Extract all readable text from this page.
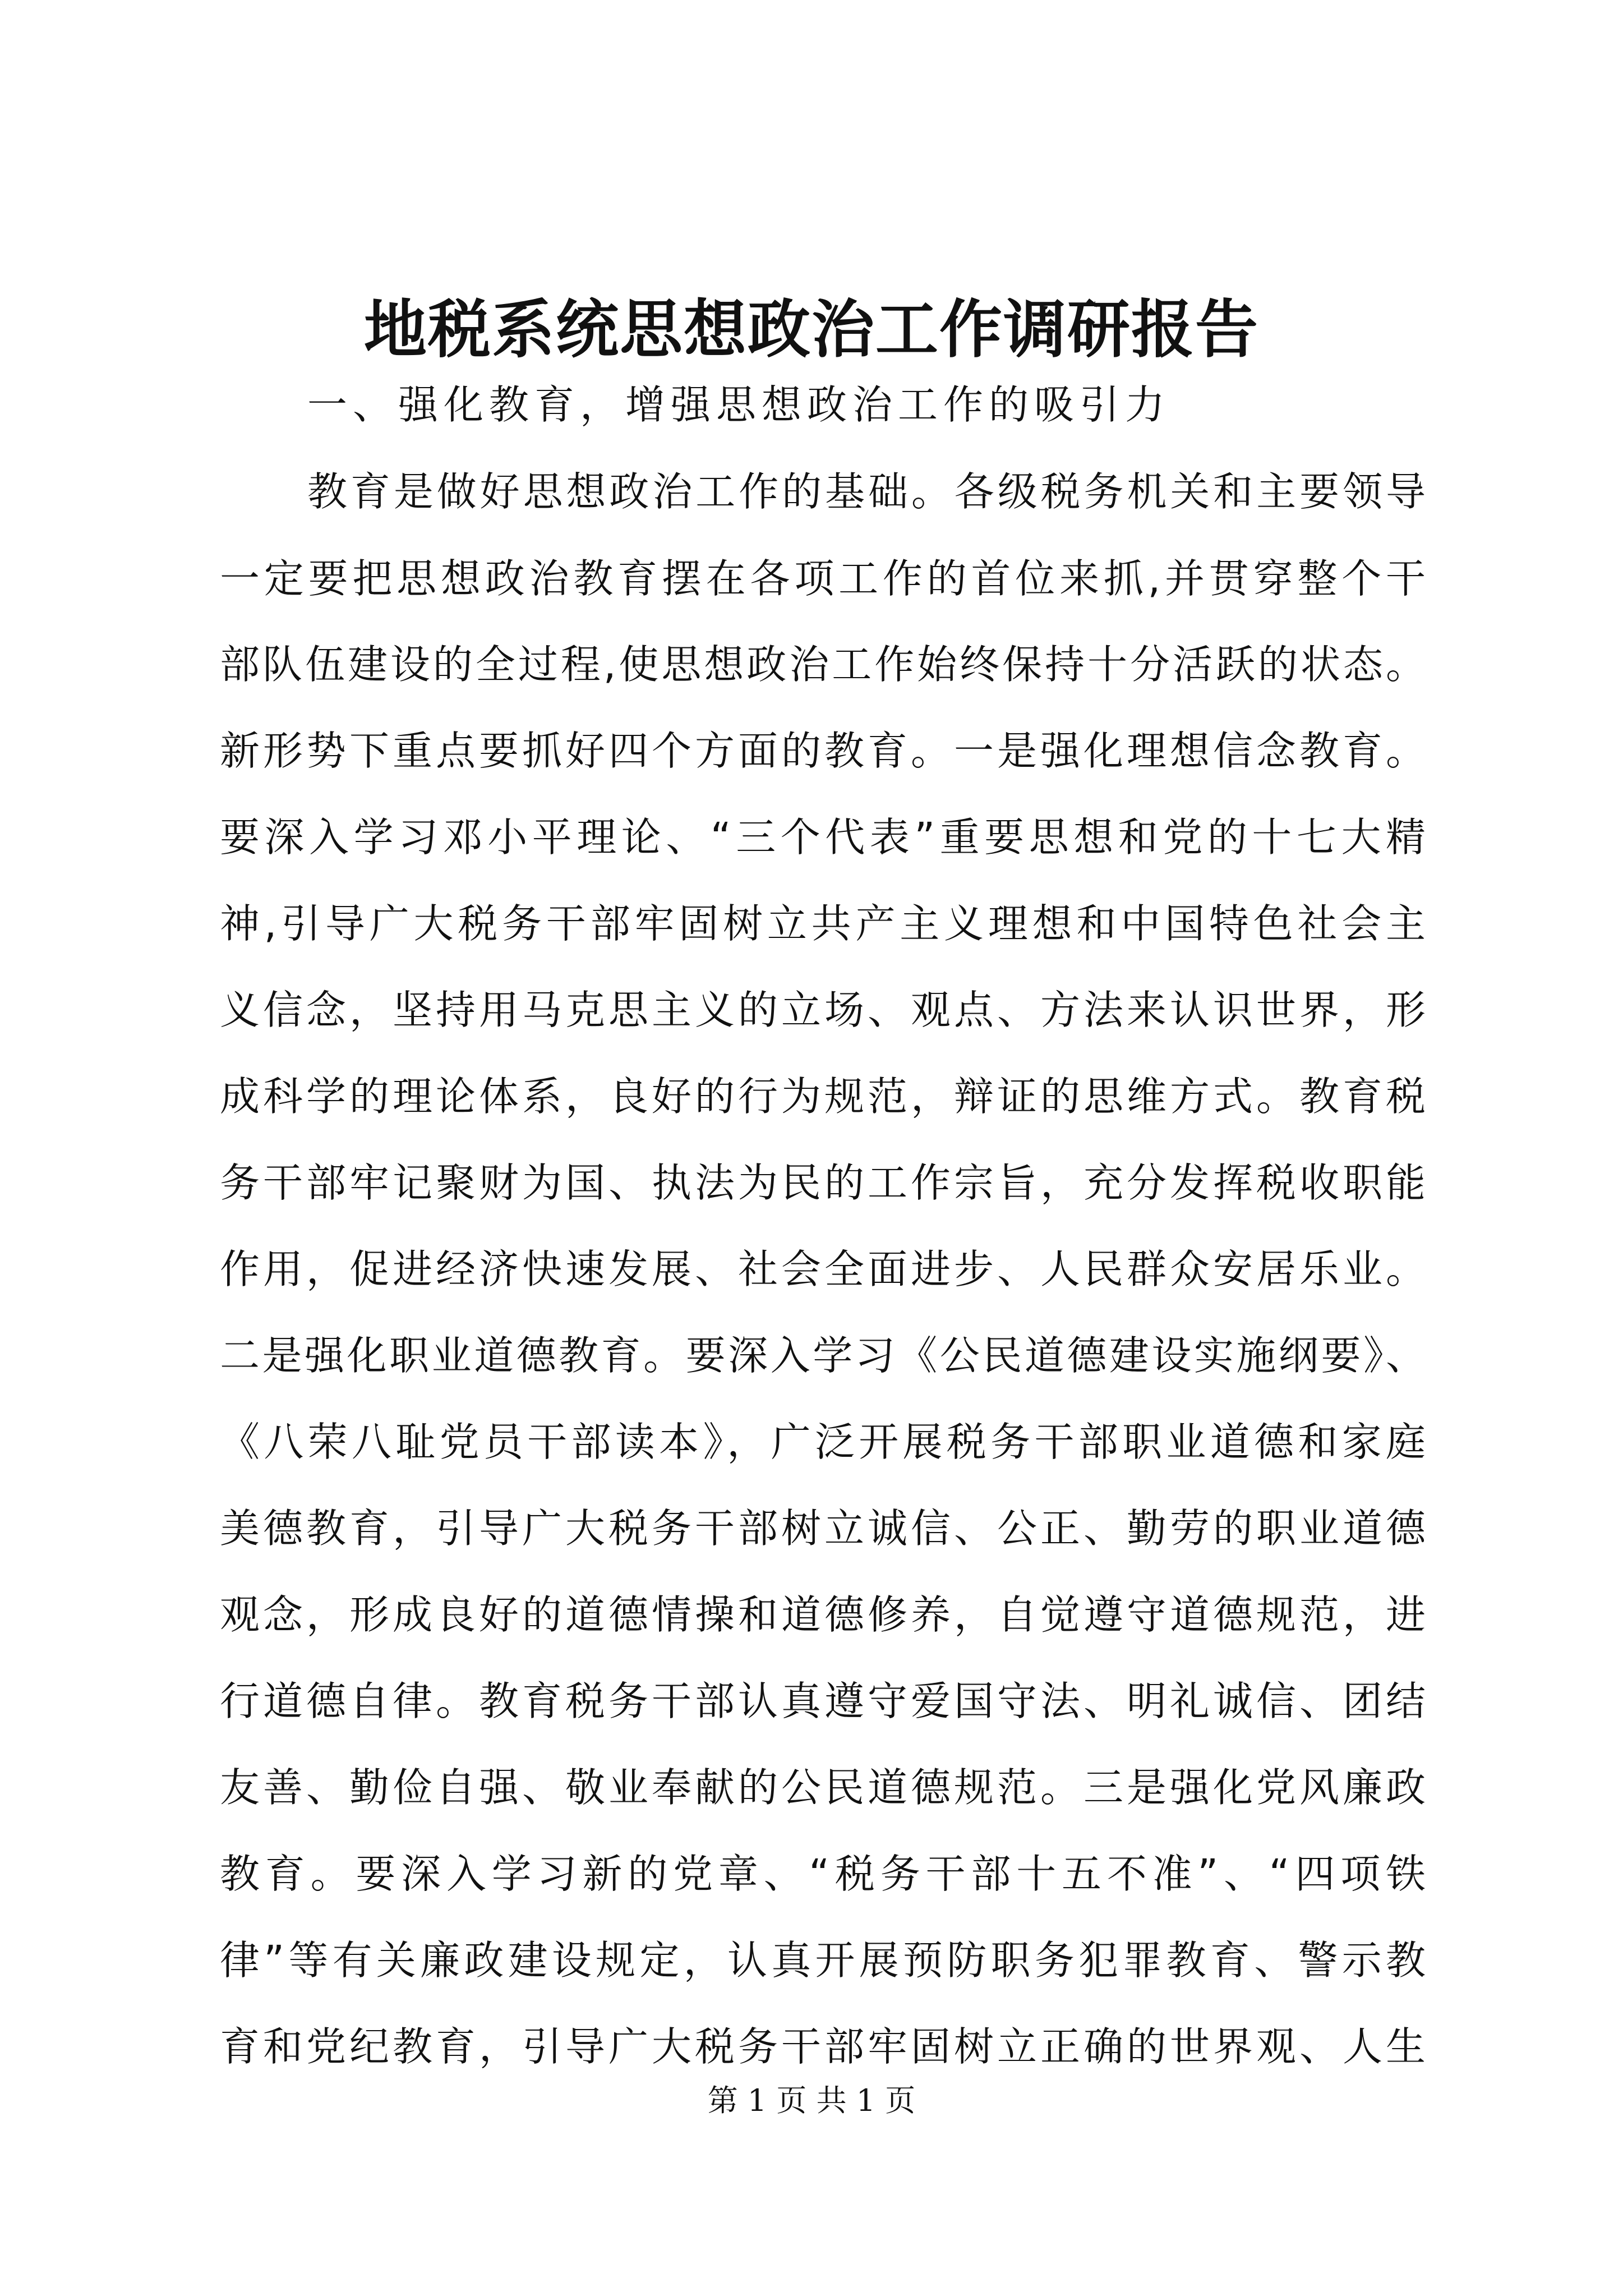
地税系统思想政治工作调研报告
一、强化教育，增强思想政治工作的吸引力
教育是做好思想政治工作的基础。各级税务机关和主要领导
一定要把思想政治教育摆在各项工作的首位来抓,并贯穿整个干
部队伍建设的全过程,使思想政治工作始终保持十分活跃的状态。
新形势下重点要抓好四个方面的教育。一是强化理想信念教育。
要深入学习邓小平理论、“三个代表”重要思想和党的十七大精
神,引导广大税务干部牢固树立共产主义理想和中国特色社会主
义信念，坚持用马克思主义的立场、观点、方法来认识世界，形
成科学的理论体系，良好的行为规范，辩证的思维方式。教育税
务干部牢记聚财为国、执法为民的工作宗旨，充分发挥税收职能
作用，促进经济快速发展、社会全面进步、人民群众安居乐业。
二是强化职业道德教育。要深入学习《公民道德建设实施纲要》、
《八荣八耻党员干部读本》，广泛开展税务干部职业道德和家庭
美德教育，引导广大税务干部树立诚信、公正、勤劳的职业道德
观念，形成良好的道德情操和道德修养，自觉遵守道德规范，进
行道德自律。教育税务干部认真遵守爱国守法、明礼诚信、团结
友善、勤俭自强、敬业奉献的公民道德规范。三是强化党风廉政
教育。要深入学习新的党章、“税务干部十五不准”、“四项铁
律”等有关廉政建设规定，认真开展预防职务犯罪教育、警示教
育和党纪教育，引导广大税务干部牢固树立正确的世界观、人生
第 1 页 共 1 页
